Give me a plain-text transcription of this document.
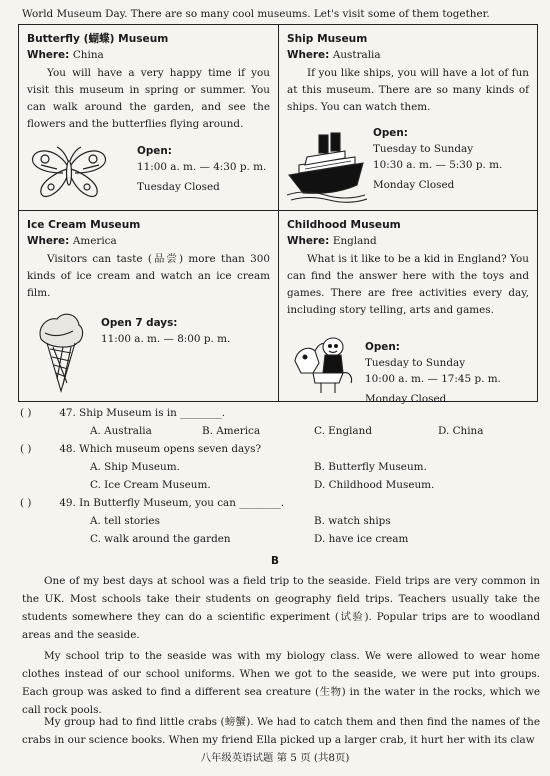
World Museum Day. There are so many cool museums. Let's visit some of them together.
Butterfly (蝴蝶) Museum
Where: China

You will have a very happy time if you visit this museum in spring or summer. You can walk around the garden, and see the flowers and the butterflies flying around.

Open:
11:00 a. m. — 4:30 p. m.
Tuesday Closed
Ship Museum
Where: Australia

If you like ships, you will have a lot of fun at this museum. There are so many kinds of ships. You can watch them.

Open:
Tuesday to Sunday
10:30 a. m. — 5:30 p. m.
Monday Closed
Ice Cream Museum
Where: America

Visitors can taste (品尝) more than 300 kinds of ice cream and watch an ice cream film.

Open 7 days:
11:00 a. m. — 8:00 p. m.
Childhood Museum
Where: England

What is it like to be a kid in England? You can find the answer here with the toys and games. There are free activities every day, including story telling, arts and games.

Open:
Tuesday to Sunday
10:00 a. m. — 17:45 p. m.
Monday Closed
( )	47. Ship Museum is in ________.
A. Australia	B. America	C. England	D. China
( )	48. Which museum opens seven days?
A. Ship Museum.	B. Butterfly Museum.
C. Ice Cream Museum.	D. Childhood Museum.
( )	49. In Butterfly Museum, you can ________.
A. tell stories	B. watch ships
C. walk around the garden	D. have ice cream
B

One of my best days at school was a field trip to the seaside. Field trips are very common in the UK. Most schools take their students on geography field trips. Teachers usually take the students somewhere they can do a scientific experiment (试验). Popular trips are to woodland areas and the seaside.

My school trip to the seaside was with my biology class. We were allowed to wear home clothes instead of our school uniforms. When we got to the seaside, we were put into groups. Each group was asked to find a different sea creature (生物) in the water in the rocks, which we call rock pools.

My group had to find little crabs (螃蟹). We had to catch them and then find the names of the crabs in our science books. When my friend Ella picked up a larger crab, it hurt her with its claw

八年级英语试题 第 5 页 (共8页)
